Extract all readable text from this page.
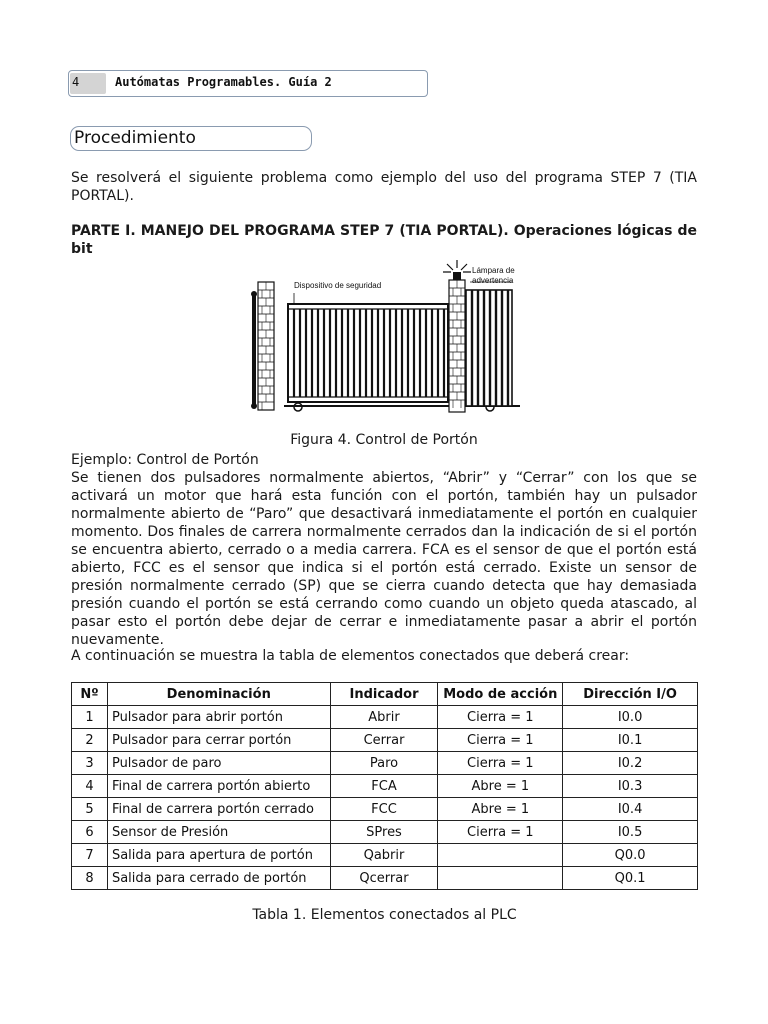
4	Autómatas Programables. Guía 2
Procedimiento

Se resolverá el siguiente problema como ejemplo del uso del programa STEP 7 (TIA PORTAL).

PARTE I. MANEJO DEL PROGRAMA STEP 7 (TIA PORTAL). Operaciones lógicas de bit

Dispositivo de seguridad
Lámpara de
advertencia
Figura 4. Control de Portón

Ejemplo: Control de Portón

Se tienen dos pulsadores normalmente abiertos, “Abrir” y “Cerrar” con los que se activará un motor que hará esta función con el portón, también hay un pulsador normalmente abierto de “Paro” que desactivará inmediatamente el portón en cualquier momento. Dos finales de carrera normalmente cerrados dan la indicación de si el portón se encuentra abierto, cerrado o a media carrera. FCA es el sensor de que el portón está abierto, FCC es el sensor que indica si el portón está cerrado. Existe un sensor de presión normalmente cerrado (SP) que se cierra cuando detecta que hay demasiada presión cuando el portón se está cerrando como cuando un objeto queda atascado, al pasar esto el portón debe dejar de cerrar e inmediatamente pasar a abrir el portón nuevamente.

A continuación se muestra la tabla de elementos conectados que deberá crear:

Nº	Denominación	Indicador	Modo de acción	Dirección I/O
1	Pulsador para abrir portón	Abrir	Cierra = 1	I0.0
2	Pulsador para cerrar portón	Cerrar	Cierra = 1	I0.1
3	Pulsador de paro	Paro	Cierra = 1	I0.2
4	Final de carrera portón abierto	FCA	Abre = 1	I0.3
5	Final de carrera portón cerrado	FCC	Abre = 1	I0.4
6	Sensor de Presión	SPres	Cierra = 1	I0.5
7	Salida para apertura de portón	Qabrir		Q0.0
8	Salida para cerrado de portón	Qcerrar		Q0.1
Tabla 1. Elementos conectados al PLC
